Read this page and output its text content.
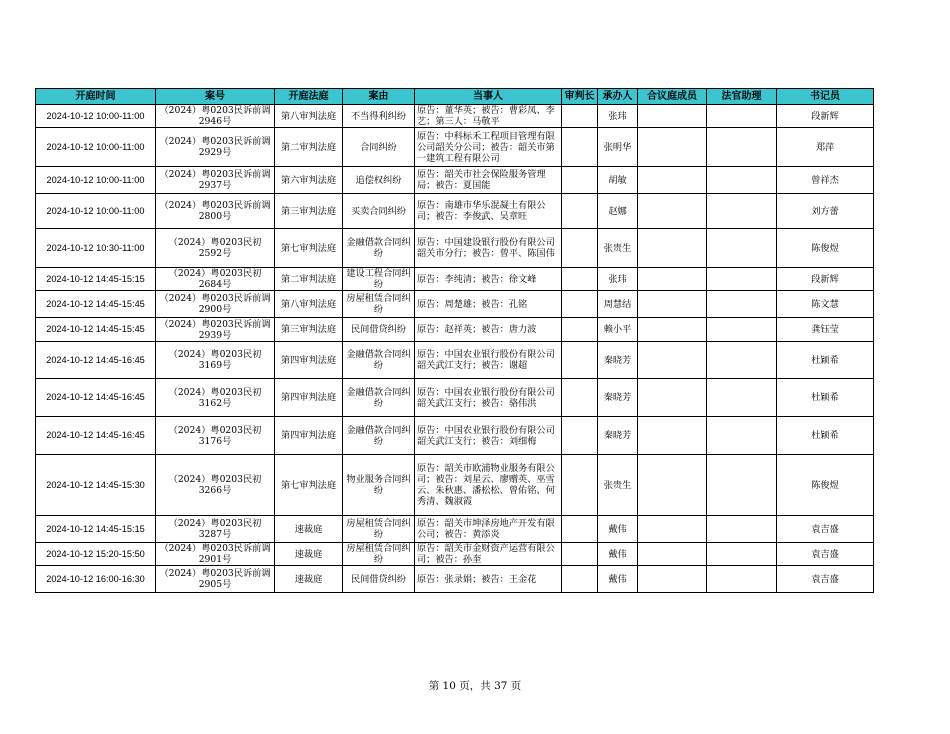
开庭时间	案号	开庭法庭	案由	当事人	审判长	承办人	合议庭成员	法官助理	书记员
2024-10-12 10:00-11:00	（2024）粤0203民诉前调2946号	第八审判法庭	不当得利纠纷	原告：董华英；被告：曹彩凤、李艺；第三人：马敬平		张玮			段新辉
2024-10-12 10:00-11:00	（2024）粤0203民诉前调2929号	第二审判法庭	合同纠纷	原告：中科标禾工程项目管理有限公司韶关分公司；被告：韶关市第一建筑工程有限公司		张明华			郑萍
2024-10-12 10:00-11:00	（2024）粤0203民诉前调2937号	第六审判法庭	追偿权纠纷	原告：韶关市社会保险服务管理局；被告：夏国能		胡敏			曾祥杰
2024-10-12 10:00-11:00	（2024）粤0203民诉前调2800号	第三审判法庭	买卖合同纠纷	原告：南雄市华乐混凝土有限公司；被告：李俊武、吴章旺		赵娜			刘方蕾
2024-10-12 10:30-11:00	（2024）粤0203民初2592号	第七审判法庭	金融借款合同纠纷	原告：中国建设银行股份有限公司韶关市分行；被告：曾平、陈国伟		张贵生			陈俊煜
2024-10-12 14:45-15:15	（2024）粤0203民初2684号	第二审判法庭	建设工程合同纠纷	原告：李纯清；被告：徐文峰		张玮			段新辉
2024-10-12 14:45-15:45	（2024）粤0203民诉前调2900号	第八审判法庭	房屋租赁合同纠纷	原告：周楚雄；被告：孔铭		周慧结			陈文慧
2024-10-12 14:45-15:45	（2024）粤0203民诉前调2939号	第三审判法庭	民间借贷纠纷	原告：赵祥英；被告：唐力波		赖小平			龚钰莹
2024-10-12 14:45-16:45	（2024）粤0203民初3169号	第四审判法庭	金融借款合同纠纷	原告：中国农业银行股份有限公司韶关武江支行；被告：谢超		秦晓芳			杜颖希
2024-10-12 14:45-16:45	（2024）粤0203民初3162号	第四审判法庭	金融借款合同纠纷	原告：中国农业银行股份有限公司韶关武江支行；被告：骆伟洪		秦晓芳			杜颖希
2024-10-12 14:45-16:45	（2024）粤0203民初3176号	第四审判法庭	金融借款合同纠纷	原告：中国农业银行股份有限公司韶关武江支行；被告：刘细梅		秦晓芳			杜颖希
2024-10-12 14:45-15:30	（2024）粤0203民初3266号	第七审判法庭	物业服务合同纠纷	原告：韶关市欧浦物业服务有限公司；被告：刘星云、廖赠英、巫雪云、朱秋惠、潘松松、曾佑铭、何秀清、魏淑霞		张贵生			陈俊煜
2024-10-12 14:45-15:15	（2024）粤0203民初3287号	速裁庭	房屋租赁合同纠纷	原告：韶关市坤泽房地产开发有限公司；被告：黄添炎		戴伟			袁吉盛
2024-10-12 15:20-15:50	（2024）粤0203民诉前调2901号	速裁庭	房屋租赁合同纠纷	原告：韶关市金财资产运营有限公司；被告：孙奎		戴伟			袁吉盛
2024-10-12 16:00-16:30	（2024）粤0203民诉前调2905号	速裁庭	民间借贷纠纷	原告：张录娟；被告：王金花		戴伟			袁吉盛
第 10 页，共 37 页
